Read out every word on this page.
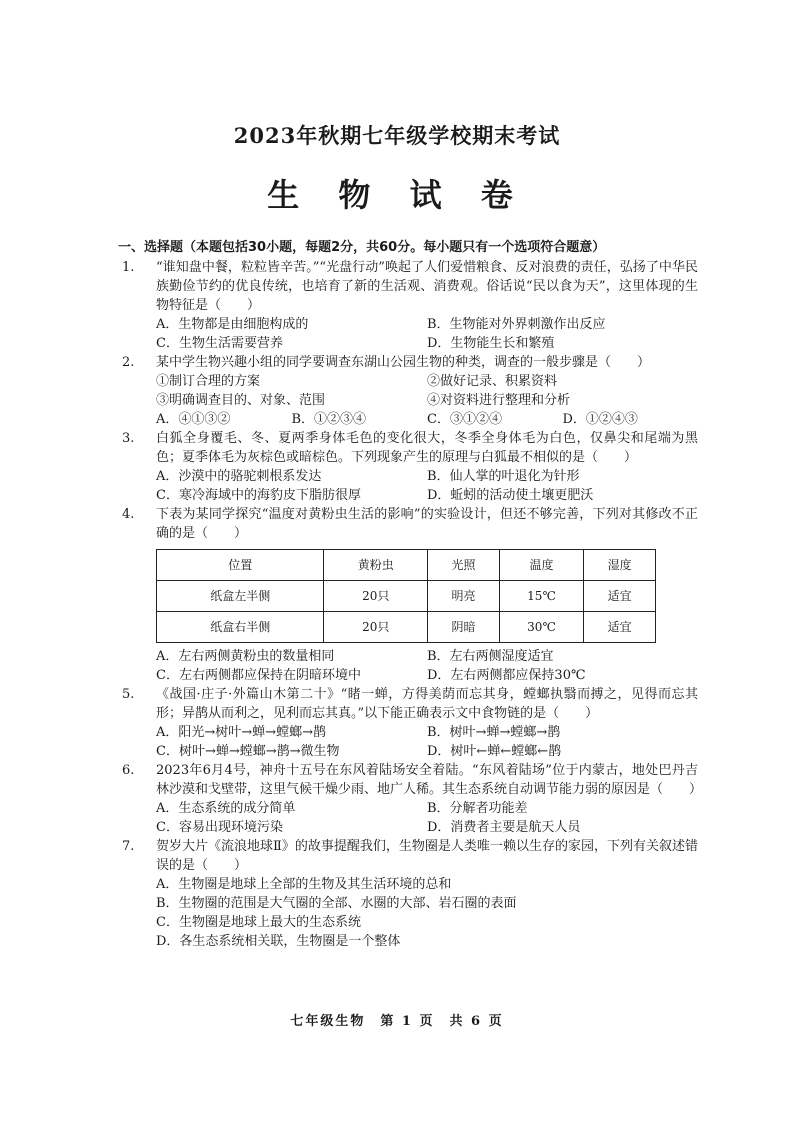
2023年秋期七年级学校期末考试
生 物 试 卷
一、选择题（本题包括30小题，每题2分，共60分。每小题只有一个选项符合题意）
1.	“谁知盘中餐，粒粒皆辛苦。”“光盘行动”唤起了人们爱惜粮食、反对浪费的责任，弘扬了中华民族勤俭节约的优良传统，也培育了新的生活观、消费观。俗话说“民以食为天”，这里体现的生物特征是（　　）
A．生物都是由细胞构成的	B．生物能对外界刺激作出反应
C．生物生活需要营养	D．生物能生长和繁殖
2.	某中学生物兴趣小组的同学要调查东湖山公园生物的种类，调查的一般步骤是（　　）
①制订合理的方案	②做好记录、积累资料
③明确调查目的、对象、范围	④对资料进行整理和分析
A．④①③②	B．①②③④	C．③①②④	D．①②④③
3.	白狐全身覆毛、冬、夏两季身体毛色的变化很大，冬季全身体毛为白色，仅鼻尖和尾端为黑色；夏季体毛为灰棕色或暗棕色。下列现象产生的原理与白狐最不相似的是（　　）
A．沙漠中的骆驼刺根系发达	B．仙人掌的叶退化为针形
C．寒冷海域中的海豹皮下脂肪很厚	D．蚯蚓的活动使土壤更肥沃
4.	下表为某同学探究“温度对黄粉虫生活的影响”的实验设计，但还不够完善，下列对其修改不正确的是（　　）
位置	黄粉虫	光照	温度	湿度
纸盒左半侧	20只	明亮	15℃	适宜
纸盒右半侧	20只	阴暗	30℃	适宜
A．左右两侧黄粉虫的数量相同	B．左右两侧湿度适宜
C．左右两侧都应保持在阴暗环境中	D．左右两侧都应保持30℃
5.	《战国·庄子·外篇山木第二十》“睹一蝉，方得美荫而忘其身，螳螂执翳而搏之，见得而忘其形；异鹊从而利之，见利而忘其真。”以下能正确表示文中食物链的是（　　）
A．阳光→树叶→蝉→螳螂→鹊	B．树叶→蝉→螳螂→鹊
C．树叶→蝉→螳螂→鹊→微生物	D．树叶←蝉←螳螂←鹊
6.	2023年6月4号，神舟十五号在东风着陆场安全着陆。“东风着陆场”位于内蒙古，地处巴丹吉林沙漠和戈壁带，这里气候干燥少雨、地广人稀。其生态系统自动调节能力弱的原因是（　　）
A．生态系统的成分简单	B．分解者功能差
C．容易出现环境污染	D．消费者主要是航天人员
7.	贺岁大片《流浪地球Ⅱ》的故事提醒我们，生物圈是人类唯一赖以生存的家园，下列有关叙述错误的是（　　）
A．生物圈是地球上全部的生物及其生活环境的总和
B．生物圈的范围是大气圈的全部、水圈的大部、岩石圈的表面
C．生物圈是地球上最大的生态系统
D．各生态系统相关联，生物圈是一个整体
七年级生物　第 1 页　共 6 页
